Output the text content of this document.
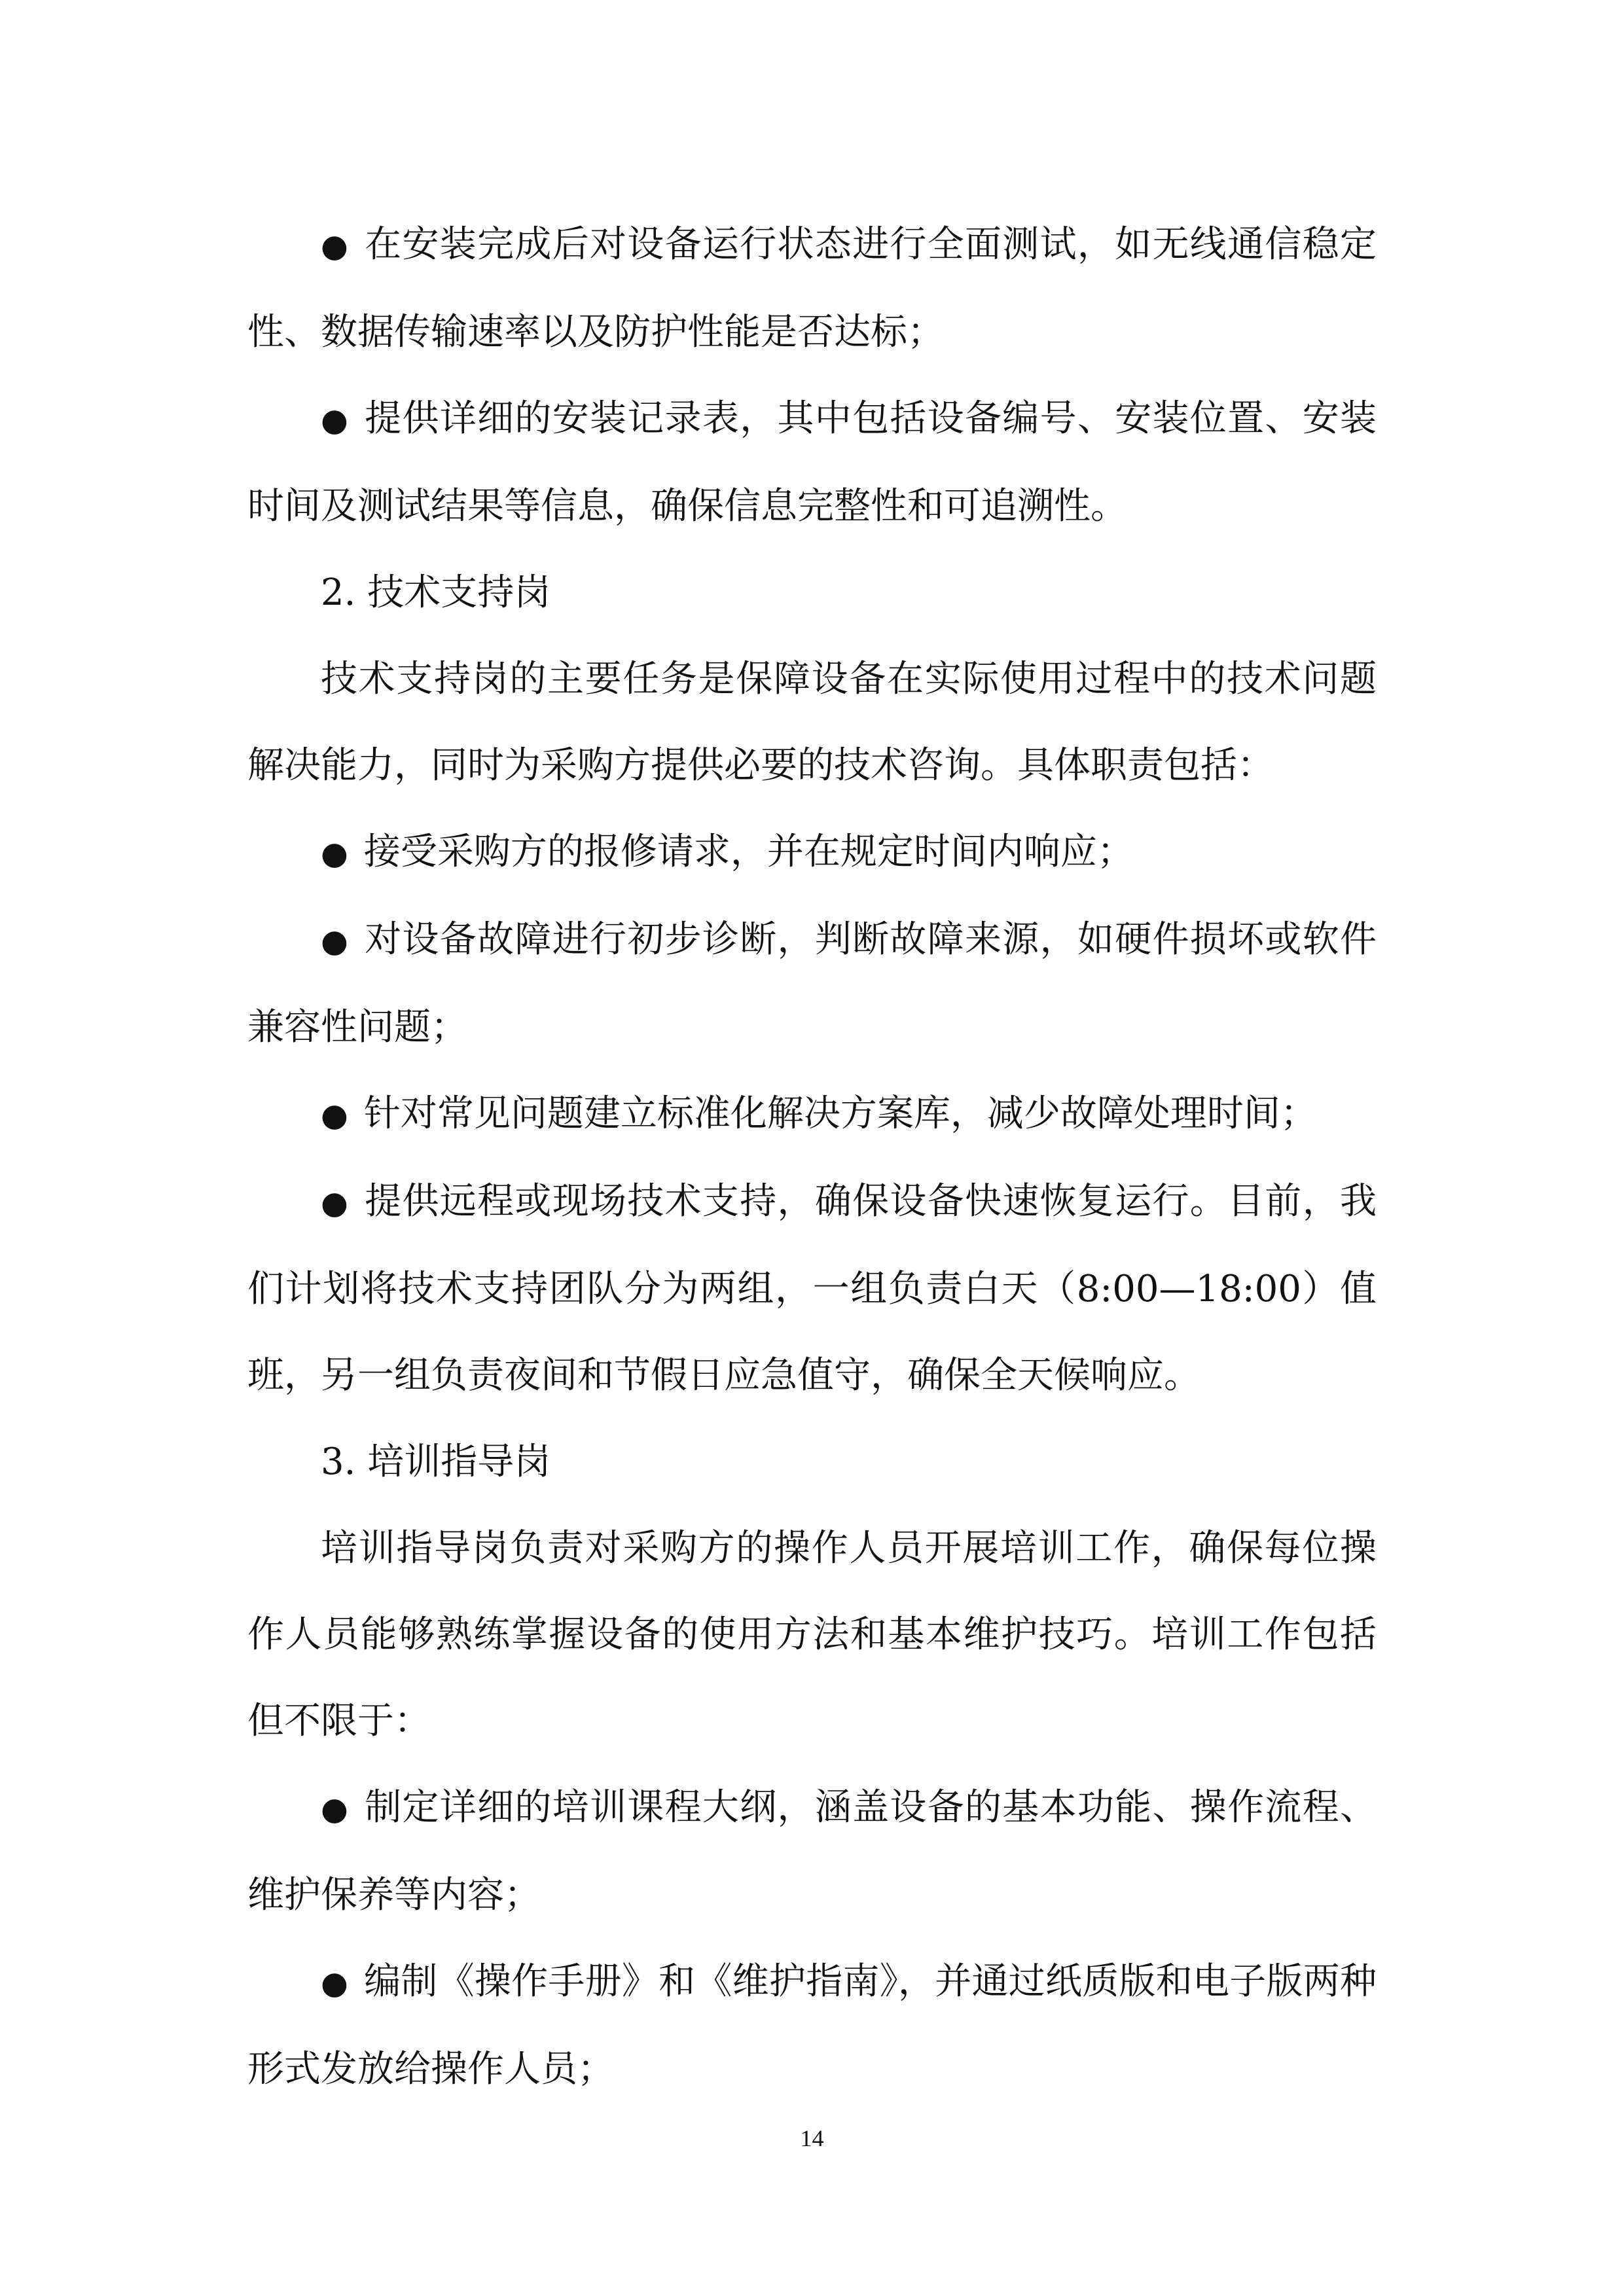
● 在安装完成后对设备运行状态进行全面测试，如无线通信稳定性、数据传输速率以及防护性能是否达标；

● 提供详细的安装记录表，其中包括设备编号、安装位置、安装时间及测试结果等信息，确保信息完整性和可追溯性。

2. 技术支持岗

技术支持岗的主要任务是保障设备在实际使用过程中的技术问题解决能力，同时为采购方提供必要的技术咨询。具体职责包括：

● 接受采购方的报修请求，并在规定时间内响应；

● 对设备故障进行初步诊断，判断故障来源，如硬件损坏或软件兼容性问题；

● 针对常见问题建立标准化解决方案库，减少故障处理时间；

● 提供远程或现场技术支持，确保设备快速恢复运行。目前，我们计划将技术支持团队分为两组，一组负责白天（8:00—18:00）值班，另一组负责夜间和节假日应急值守，确保全天候响应。

3. 培训指导岗

培训指导岗负责对采购方的操作人员开展培训工作，确保每位操作人员能够熟练掌握设备的使用方法和基本维护技巧。培训工作包括但不限于：

● 制定详细的培训课程大纲，涵盖设备的基本功能、操作流程、维护保养等内容；

● 编制《操作手册》和《维护指南》，并通过纸质版和电子版两种形式发放给操作人员；

14
